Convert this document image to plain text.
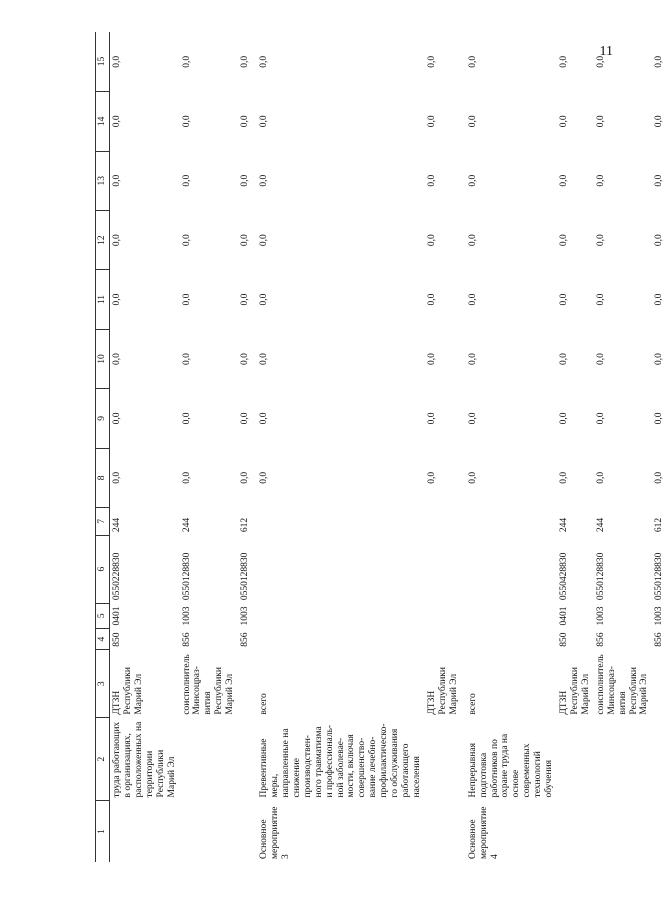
11
1	2	3	4	5	6	7	8	9	10	11	12	13	14	15
	труда работающих в организациях, расположенных на территории Республики Марий Эл	ДТЗН Республики Марий Эл	850	0401	0550228830	244	0,0	0,0	0,0	0,0	0,0	0,0	0,0	0,0
		соисполнитель Минсоцраз-вития Республики Марий Эл	856	1003	0550128830	244	0,0	0,0	0,0	0,0	0,0	0,0	0,0	0,0
			856	1003	0550128830	612	0,0	0,0	0,0	0,0	0,0	0,0	0,0	0,0
Основное мероприятие 3	Превентивные меры, направленные на снижение производствен-ного травматизма и профессиональ-ной заболевае-мости, включая совершенство-вание лечебно-профилактическо-го обслуживания работающего населения	всего					0,0	0,0	0,0	0,0	0,0	0,0	0,0	0,0
		ДТЗН Республики Марий Эл					0,0	0,0	0,0	0,0	0,0	0,0	0,0	0,0
Основное мероприятие 4	Непрерывная подготовка работников по охране труда на основе современных технологий обучения	всего					0,0	0,0	0,0	0,0	0,0	0,0	0,0	0,0
		ДТЗН Республики Марий Эл	850	0401	0550428830	244	0,0	0,0	0,0	0,0	0,0	0,0	0,0	0,0
		соисполнитель Минсоцраз-вития Республики Марий Эл	856	1003	0550128830	244	0,0	0,0	0,0	0,0	0,0	0,0	0,0	0,0
			856	1003	0550128830	612	0,0	0,0	0,0	0,0	0,0	0,0	0,0	0,0
